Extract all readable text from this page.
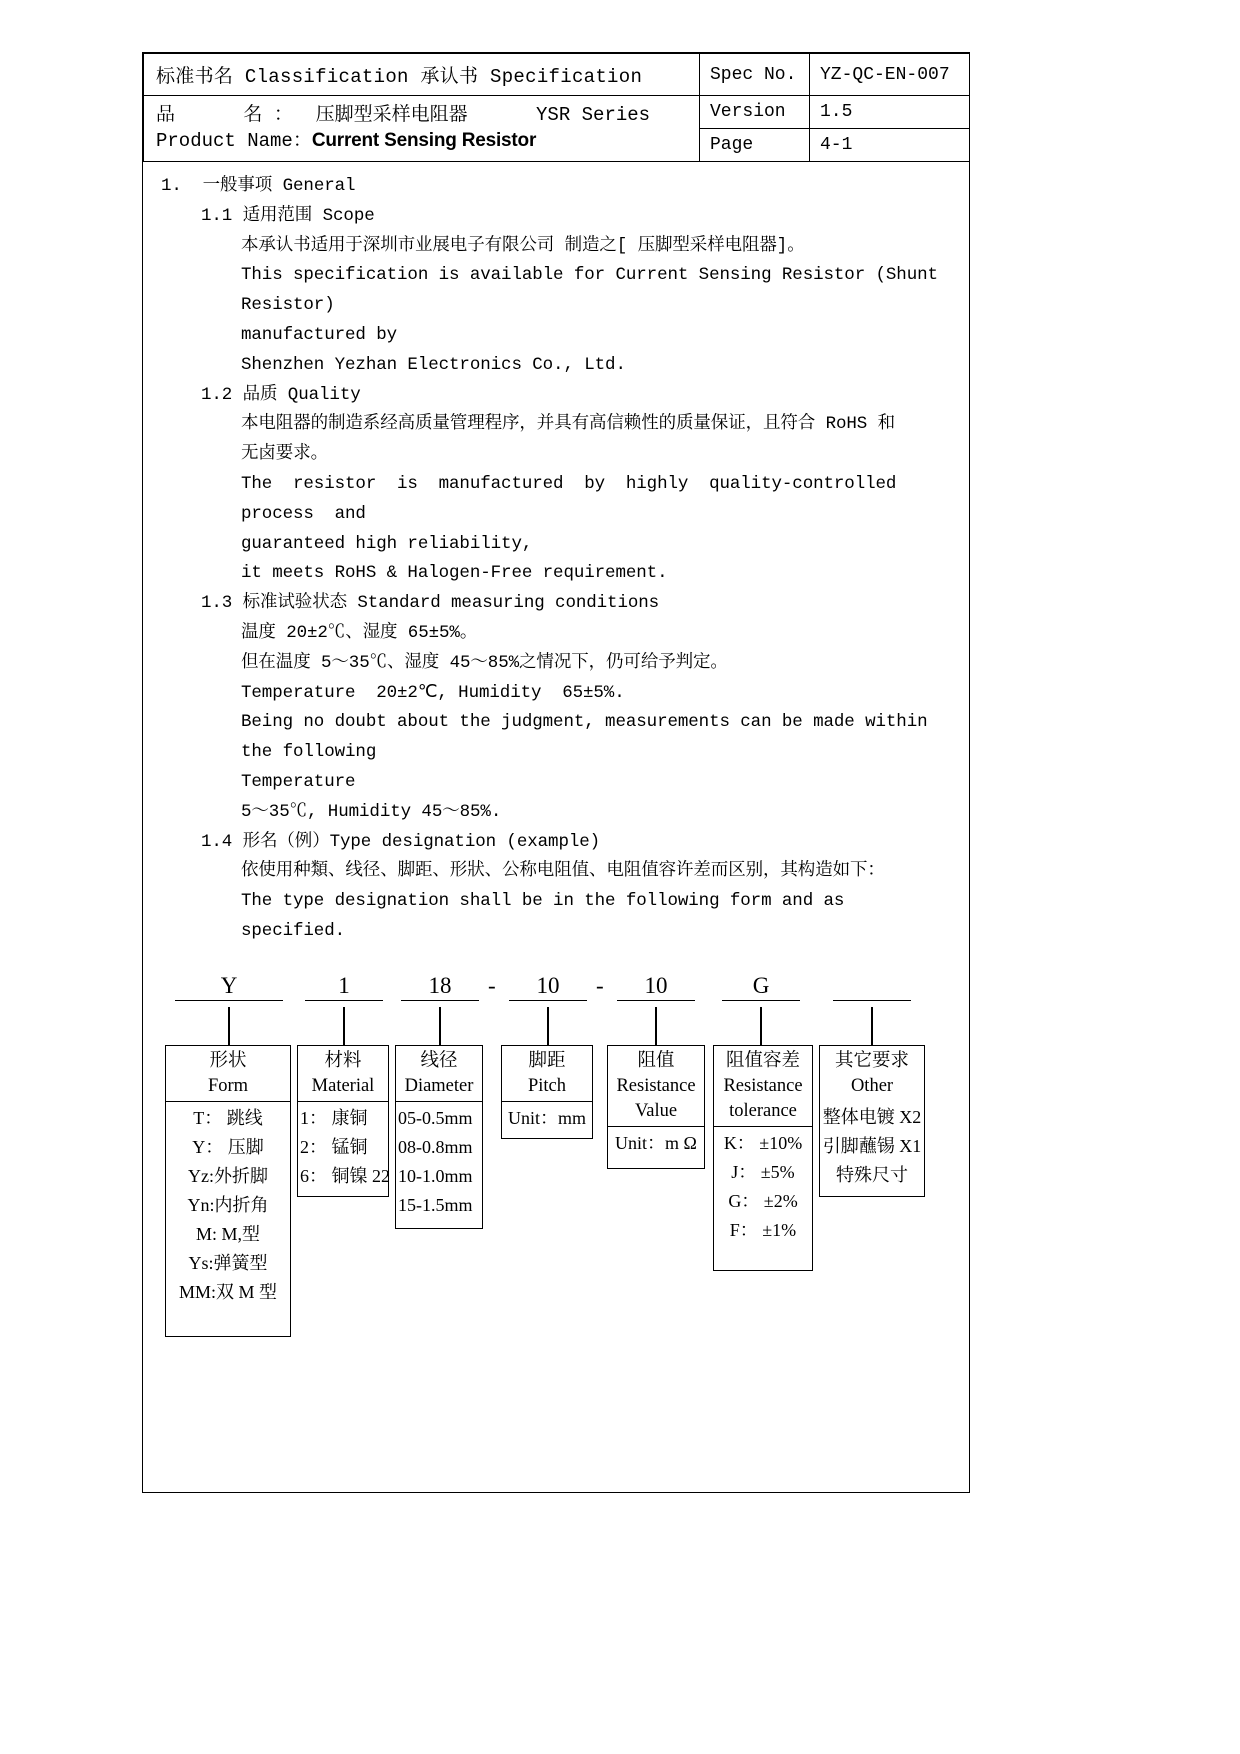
标准书名 Classification 承认书 Specification	Spec No.	YZ-QC-EN-007

品      名 ：  压脚型采样电阻器      YSR Series
Product Name：Current Sensing Resistor	Version	1.5
	Page	4-1
1.  一般事项 General
1.1 适用范围 Scope
本承认书适用于深圳市业展电子有限公司 制造之[ 压脚型采样电阻器]。
This specification is available for Current Sensing Resistor (Shunt Resistor)
manufactured by
Shenzhen Yezhan Electronics Co., Ltd.
1.2 品质 Quality
本电阻器的制造系经高质量管理程序，并具有高信赖性的质量保证，且符合 RoHS 和
无卤要求。
The  resistor  is  manufactured  by  highly  quality-controlled  process  and
guaranteed high reliability,
it meets RoHS & Halogen-Free requirement.
1.3 标准试验状态 Standard measuring conditions
温度 20±2℃、湿度 65±5%。
但在温度 5～35℃、湿度 45～85%之情况下，仍可给予判定。
Temperature  20±2℃, Humidity  65±5%.
Being no doubt about the judgment, measurements can be made within the following
Temperature
5～35℃, Humidity 45～85%.
1.4 形名（例）Type designation (example)
依使用种類、线径、脚距、形狀、公称电阻值、电阻值容许差而区别，其构造如下：
The type designation shall be in the following form and as specified.
Y	1	18	-	10	-	10	G

形状
Form
T： 跳线
Y： 压脚
Yz:外折脚
Yn:内折角
M: M,型
Ys:弹簧型
MM:双 M 型
材料
Material
1： 康铜
2： 锰铜
6： 铜镍 22
线径
Diameter
05-0.5mm
08-0.8mm
10-1.0mm
15-1.5mm
脚距
Pitch
Unit：mm
阻值
Resistance
Value
Unit：m Ω
阻值容差
Resistance
tolerance
K： ±10%
J： ±5%
G： ±2%
F： ±1%
其它要求
Other
整体电镀 X2
引脚蘸锡 X1
特殊尺寸
